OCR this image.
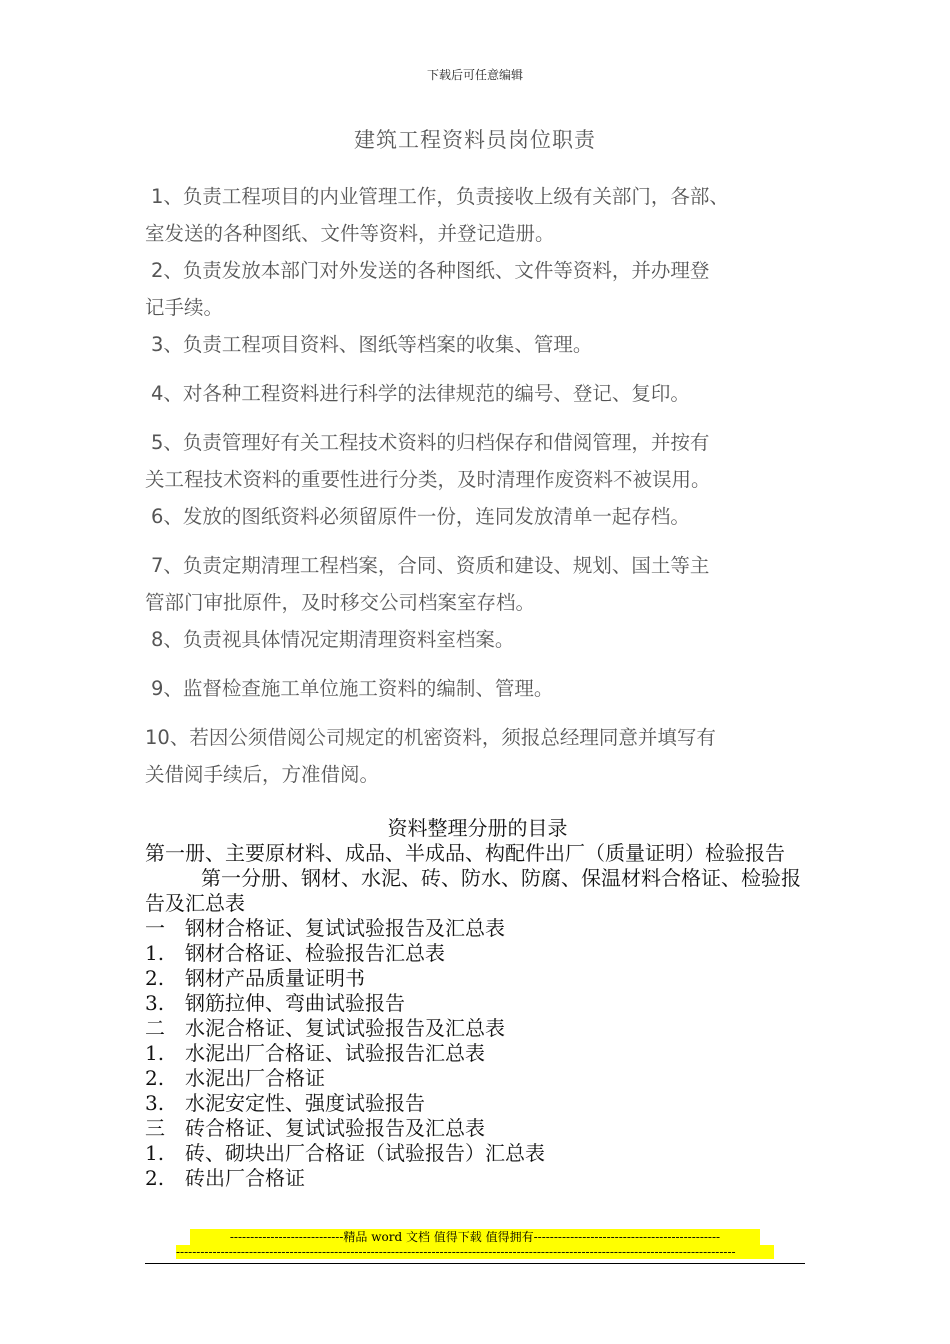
下载后可任意编辑
建筑工程资料员岗位职责

1、负责工程项目的内业管理工作，负责接收上级有关部门，各部、
室发送的各种图纸、文件等资料，并登记造册。

2、负责发放本部门对外发送的各种图纸、文件等资料，并办理登
记手续。

3、负责工程项目资料、图纸等档案的收集、管理。

4、对各种工程资料进行科学的法律规范的编号、登记、复印。

5、负责管理好有关工程技术资料的归档保存和借阅管理，并按有
关工程技术资料的重要性进行分类，及时清理作废资料不被误用。

6、发放的图纸资料必须留原件一份，连同发放清单一起存档。

7、负责定期清理工程档案，合同、资质和建设、规划、国土等主
管部门审批原件，及时移交公司档案室存档。

8、负责视具体情况定期清理资料室档案。

9、监督检查施工单位施工资料的编制、管理。

10、若因公须借阅公司规定的机密资料，须报总经理同意并填写有
关借阅手续后，方准借阅。

资料整理分册的目录
第一册、主要原材料、成品、半成品、构配件出厂（质量证明）检验报告
第一分册、钢材、水泥、砖、防水、防腐、保温材料合格证、检验报告及汇总表
一 钢材合格证、复试试验报告及汇总表
1. 钢材合格证、检验报告汇总表
2. 钢材产品质量证明书
3. 钢筋拉伸、弯曲试验报告
二 水泥合格证、复试试验报告及汇总表
1. 水泥出厂合格证、试验报告汇总表
2. 水泥出厂合格证
3. 水泥安定性、强度试验报告
三 砖合格证、复试试验报告及汇总表
1. 砖、砌块出厂合格证（试验报告）汇总表
2. 砖出厂合格证
----------------------------精品 word 文档 值得下载 值得拥有----------------------------------------------
------------------------------------------------------------------------------------------------------------------------------------------
